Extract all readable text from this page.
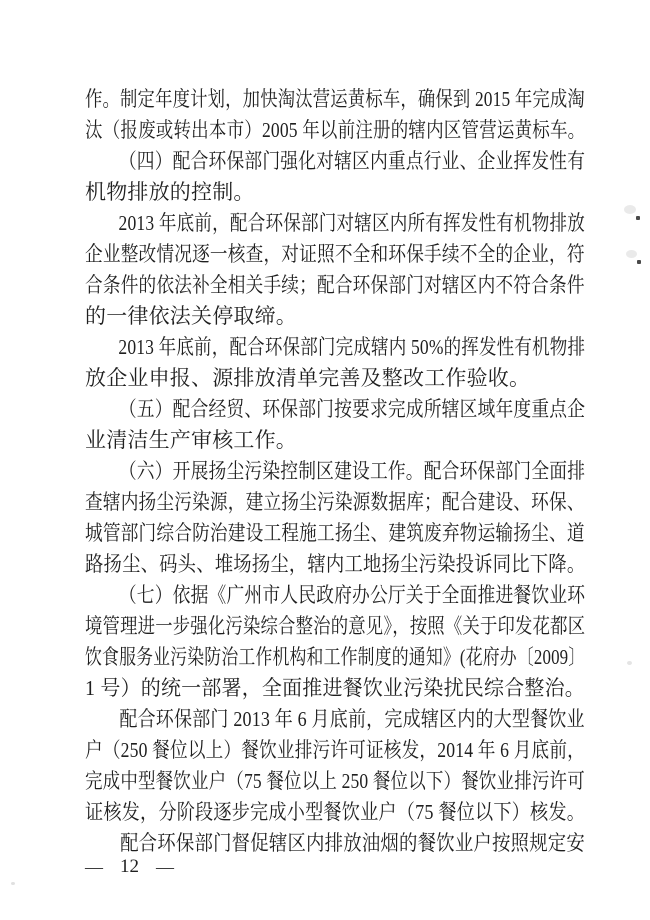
作。制定年度计划，加快淘汰营运黄标车，确保到 2015 年完成淘
汰（报废或转出本市）2005 年以前注册的辖内区管营运黄标车。
（四）配合环保部门强化对辖区内重点行业、企业挥发性有
机物排放的控制。
2013 年底前，配合环保部门对辖区内所有挥发性有机物排放
企业整改情况逐一核查，对证照不全和环保手续不全的企业，符
合条件的依法补全相关手续；配合环保部门对辖区内不符合条件
的一律依法关停取缔。
2013 年底前，配合环保部门完成辖内 50%的挥发性有机物排
放企业申报、源排放清单完善及整改工作验收。
（五）配合经贸、环保部门按要求完成所辖区域年度重点企
业清洁生产审核工作。
（六）开展扬尘污染控制区建设工作。配合环保部门全面排
查辖内扬尘污染源，建立扬尘污染源数据库；配合建设、环保、
城管部门综合防治建设工程施工扬尘、建筑废弃物运输扬尘、道
路扬尘、码头、堆场扬尘，辖内工地扬尘污染投诉同比下降。
（七）依据《广州市人民政府办公厅关于全面推进餐饮业环
境管理进一步强化污染综合整治的意见》，按照《关于印发花都区
饮食服务业污染防治工作机构和工作制度的通知》(花府办〔2009〕
1 号）的统一部署，全面推进餐饮业污染扰民综合整治。
配合环保部门 2013 年 6 月底前，完成辖区内的大型餐饮业
户（250 餐位以上）餐饮业排污许可证核发，2014 年 6 月底前，
完成中型餐饮业户（75 餐位以上 250 餐位以下）餐饮业排污许可
证核发，分阶段逐步完成小型餐饮业户（75 餐位以下）核发。
配合环保部门督促辖区内排放油烟的餐饮业户按照规定安
— 12 —
